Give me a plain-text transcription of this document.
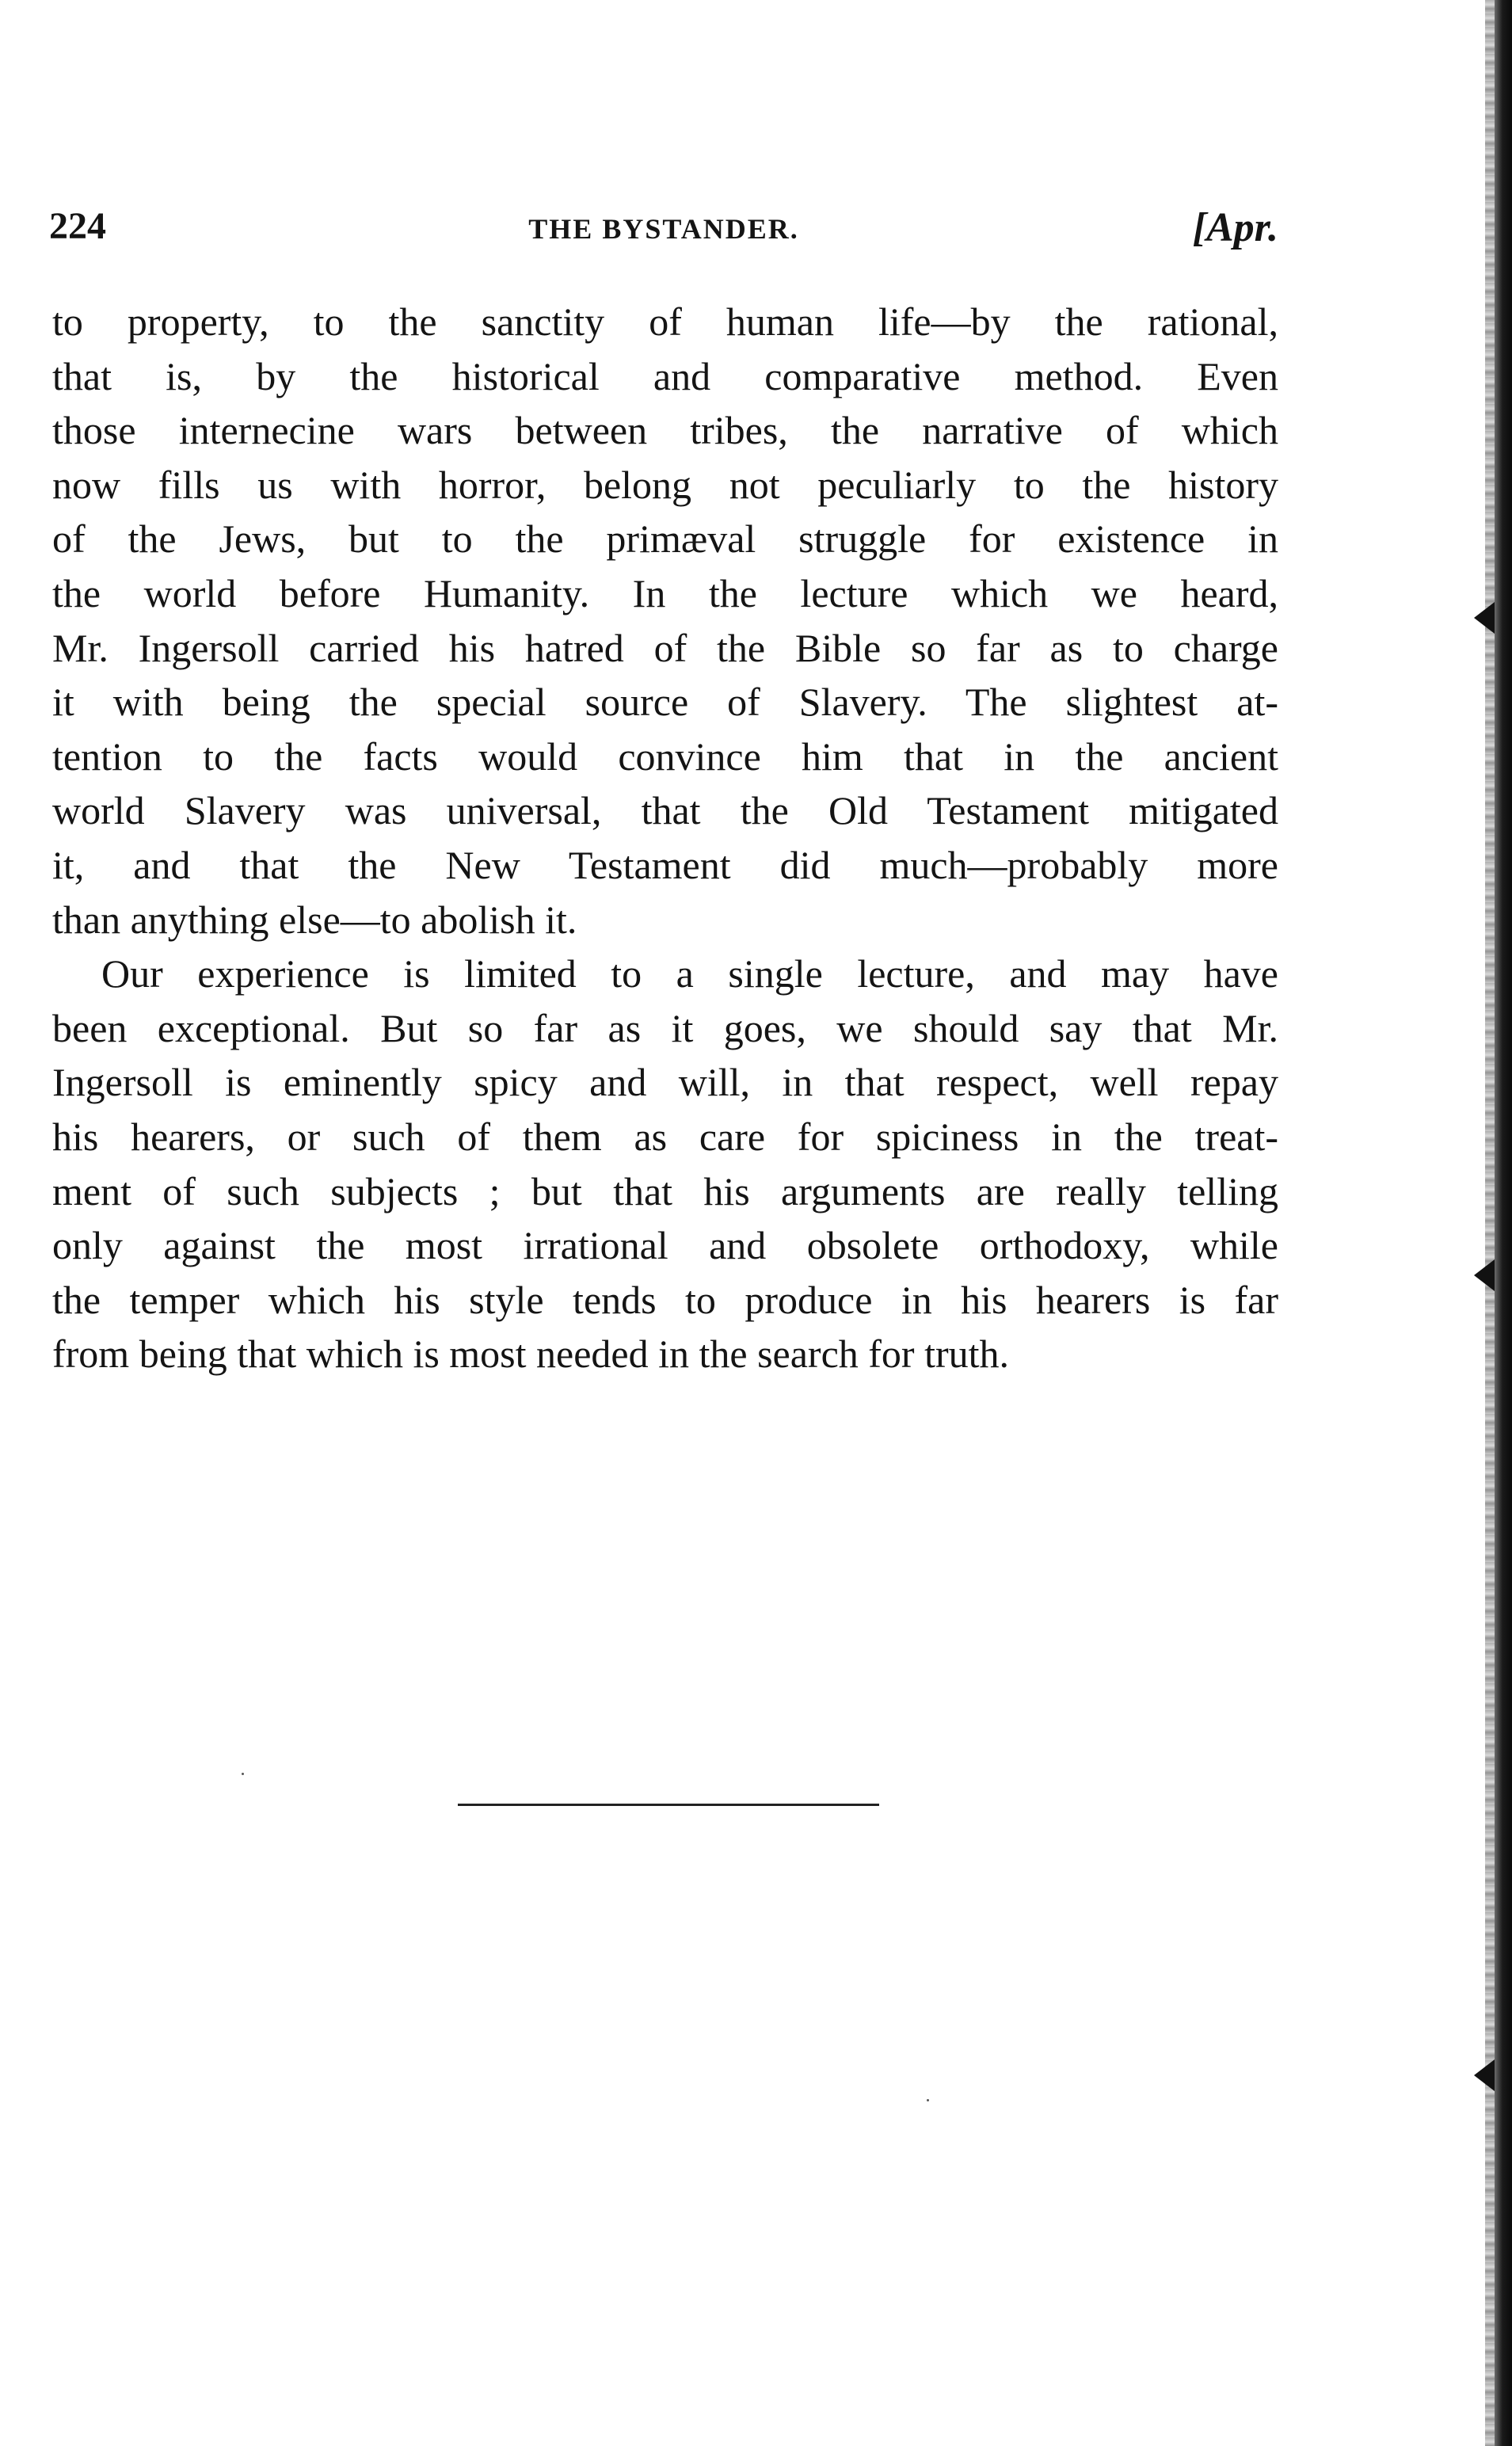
224	THE BYSTANDER.	[Apr.
to property, to the sanctity of human life—by the rational,
that is, by the historical and comparative method. Even
those internecine wars between tribes, the narrative of which
now fills us with horror, belong not peculiarly to the history
of the Jews, but to the primæval struggle for existence in
the world before Humanity. In the lecture which we heard,
Mr. Ingersoll carried his hatred of the Bible so far as to charge
it with being the special source of Slavery. The slightest at-
tention to the facts would convince him that in the ancient
world Slavery was universal, that the Old Testament mitigated
it, and that the New Testament did much—probably more
than anything else—to abolish it.
Our experience is limited to a single lecture, and may have
been exceptional. But so far as it goes, we should say that Mr.
Ingersoll is eminently spicy and will, in that respect, well repay
his hearers, or such of them as care for spiciness in the treat-
ment of such subjects ; but that his arguments are really telling
only against the most irrational and obsolete orthodoxy, while
the temper which his style tends to produce in his hearers is far
from being that which is most needed in the search for truth.
